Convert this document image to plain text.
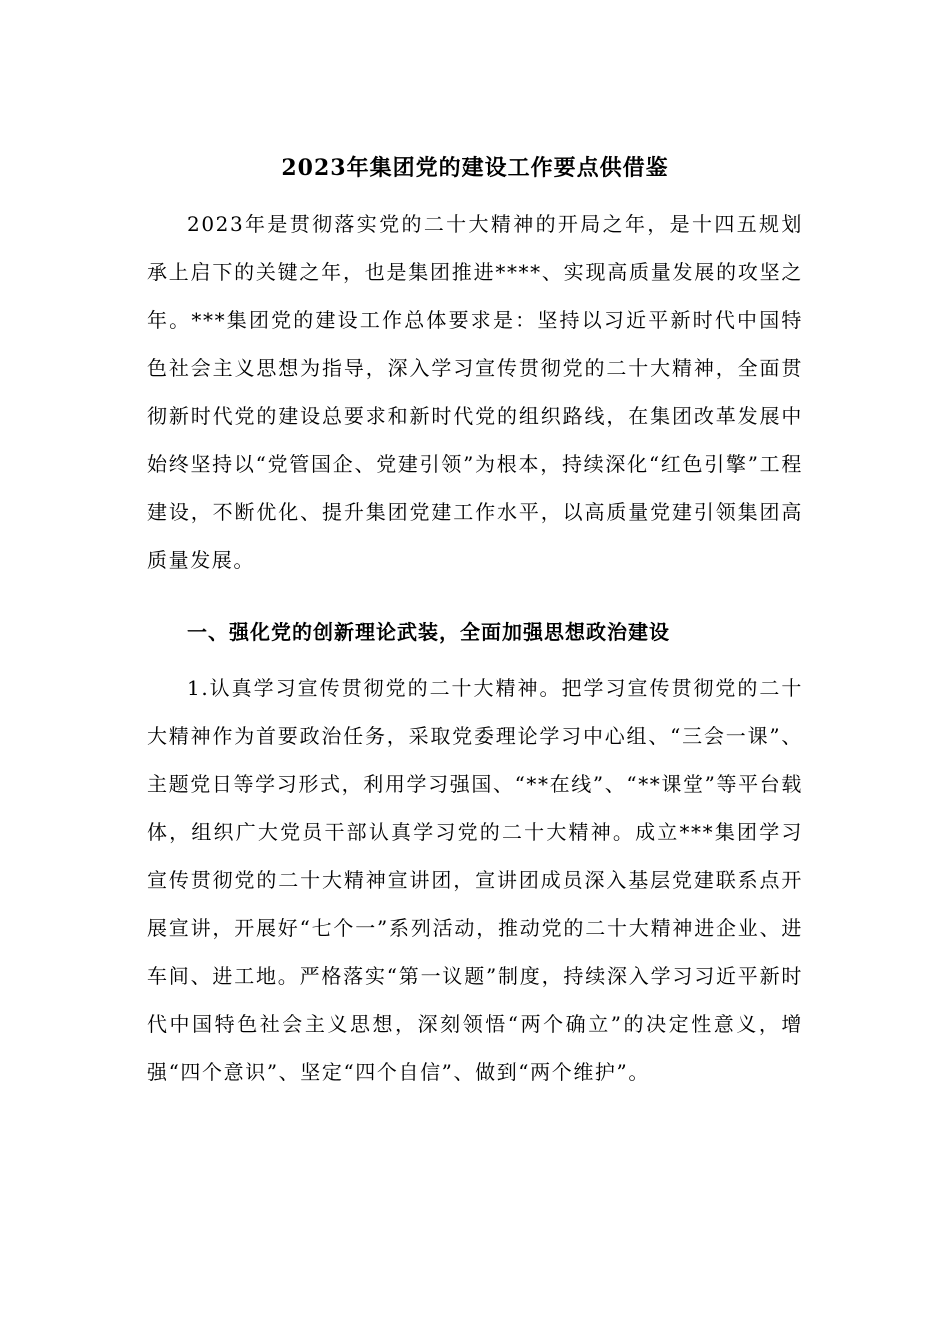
2023年集团党的建设工作要点供借鉴

2023年是贯彻落实党的二十大精神的开局之年，是十四五规划承上启下的关键之年，也是集团推进****、实现高质量发展的攻坚之年。***集团党的建设工作总体要求是：坚持以习近平新时代中国特色社会主义思想为指导，深入学习宣传贯彻党的二十大精神，全面贯彻新时代党的建设总要求和新时代党的组织路线，在集团改革发展中始终坚持以“党管国企、党建引领”为根本，持续深化“红色引擎”工程建设，不断优化、提升集团党建工作水平，以高质量党建引领集团高质量发展。

一、强化党的创新理论武装，全面加强思想政治建设

1.认真学习宣传贯彻党的二十大精神。把学习宣传贯彻党的二十大精神作为首要政治任务，采取党委理论学习中心组、“三会一课”、主题党日等学习形式，利用学习强国、“**在线”、“**课堂”等平台载体，组织广大党员干部认真学习党的二十大精神。成立***集团学习宣传贯彻党的二十大精神宣讲团，宣讲团成员深入基层党建联系点开展宣讲，开展好“七个一”系列活动，推动党的二十大精神进企业、进车间、进工地。严格落实“第一议题”制度，持续深入学习习近平新时代中国特色社会主义思想，深刻领悟“两个确立”的决定性意义，增强“四个意识”、坚定“四个自信”、做到“两个维护”。
